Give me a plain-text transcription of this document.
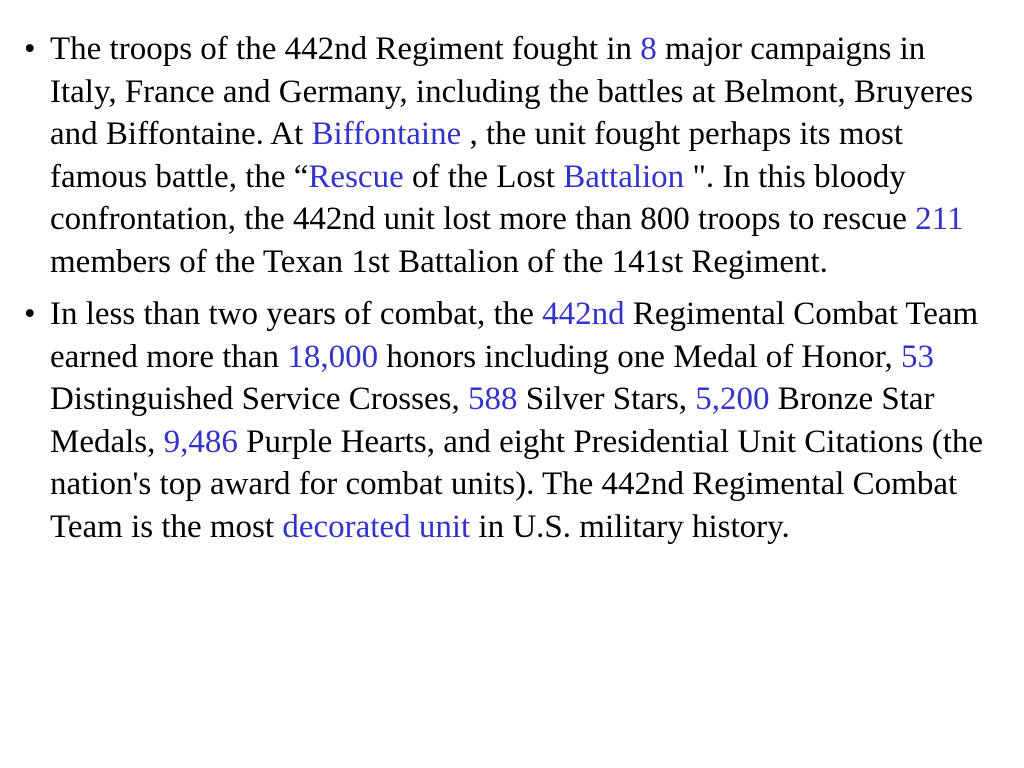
• The troops of the 442nd Regiment fought in 8 major campaigns in Italy, France and Germany, including the battles at Belmont, Bruyeres and Biffontaine. At Biffontaine , the unit fought perhaps its most famous battle, the “Rescue of the Lost Battalion ". In this bloody confrontation, the 442nd unit lost more than 800 troops to rescue 211 members of the Texan 1st Battalion of the 141st Regiment.
• In less than two years of combat, the 442nd Regimental Combat Team earned more than 18,000 honors including one Medal of Honor, 53 Distinguished Service Crosses, 588 Silver Stars, 5,200 Bronze Star Medals, 9,486 Purple Hearts, and eight Presidential Unit Citations (the nation's top award for combat units). The 442nd Regimental Combat Team is the most decorated unit in U.S. military history.
